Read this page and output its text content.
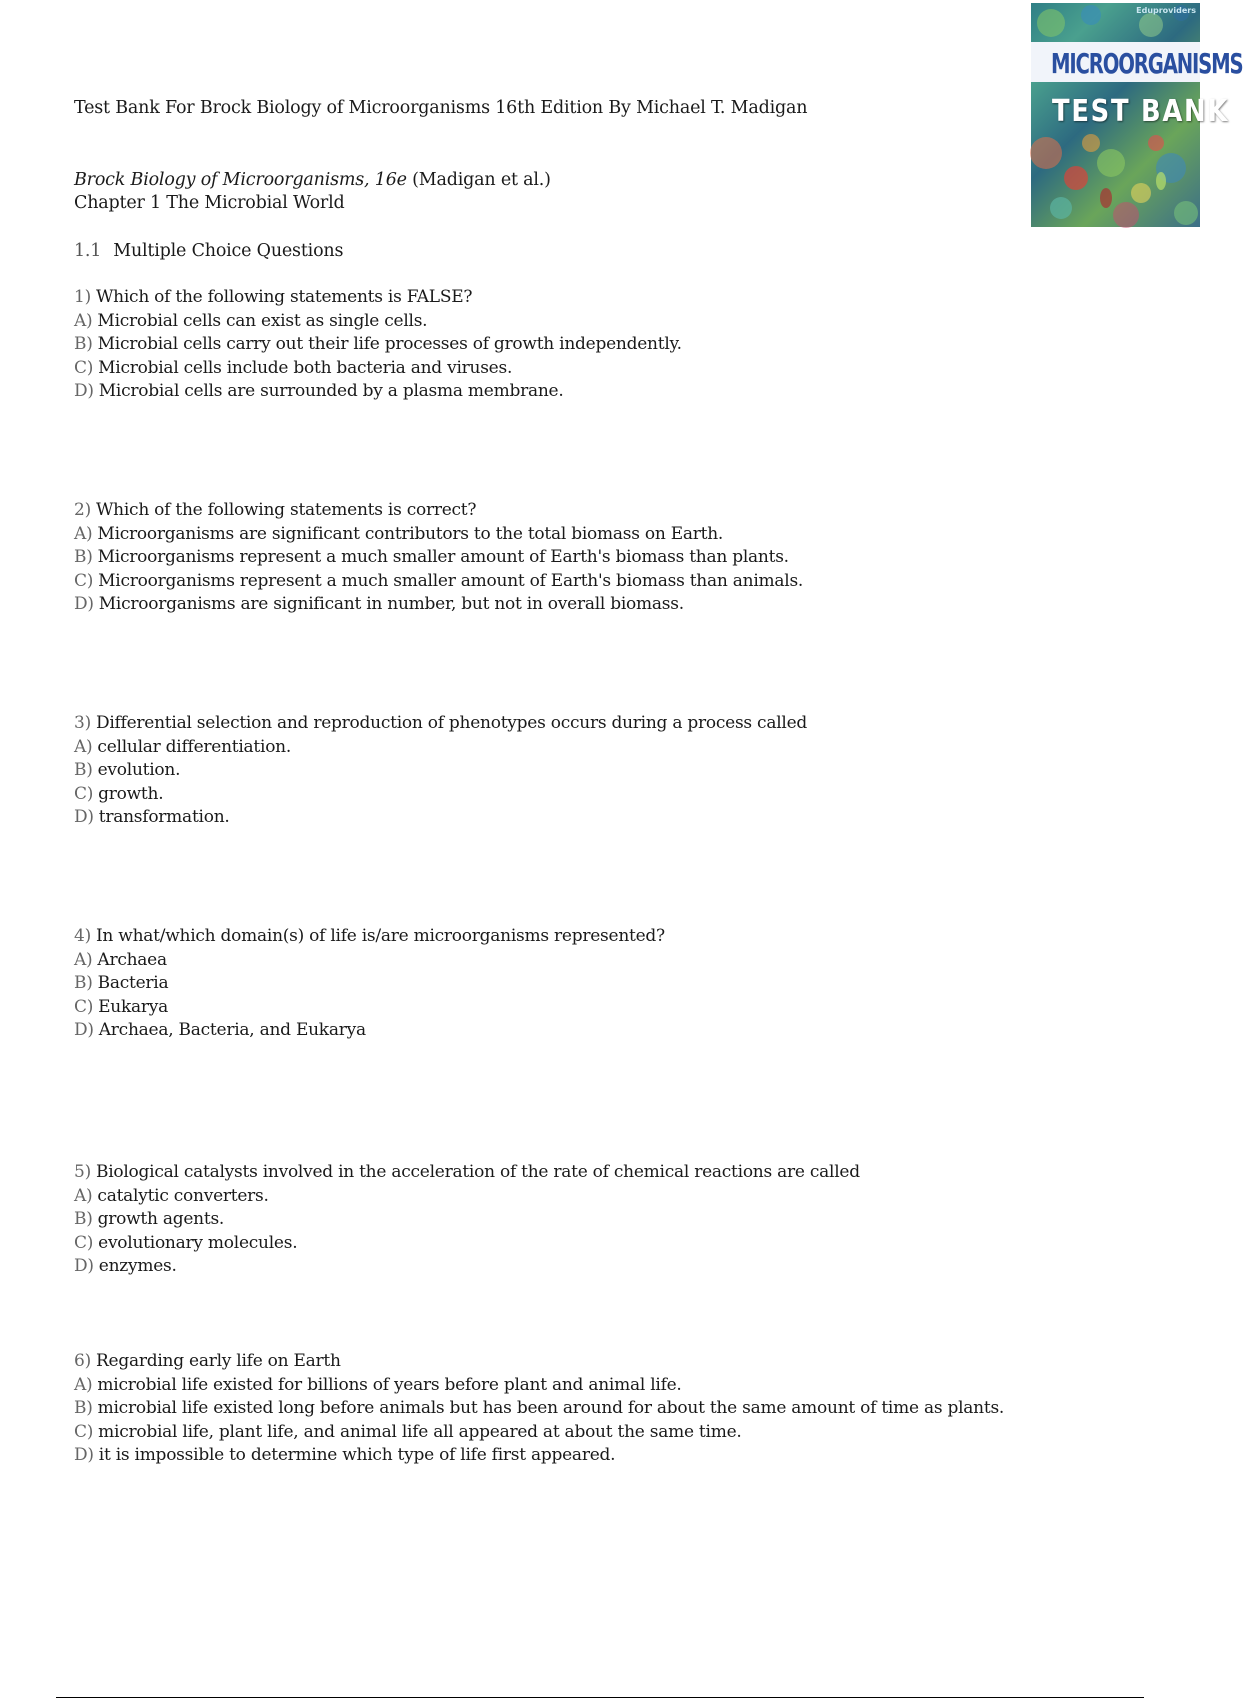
Eduproviders
MICROORGANISMS
TEST BANK
Test Bank For Brock Biology of Microorganisms 16th Edition By Michael T. Madigan
Brock Biology of Microorganisms, 16e (Madigan et al.)
Chapter 1 The Microbial World
1.1 Multiple Choice Questions
1) Which of the following statements is FALSE?
A) Microbial cells can exist as single cells.
B) Microbial cells carry out their life processes of growth independently.
C) Microbial cells include both bacteria and viruses.
D) Microbial cells are surrounded by a plasma membrane.
2) Which of the following statements is correct?
A) Microorganisms are significant contributors to the total biomass on Earth.
B) Microorganisms represent a much smaller amount of Earth's biomass than plants.
C) Microorganisms represent a much smaller amount of Earth's biomass than animals.
D) Microorganisms are significant in number, but not in overall biomass.
3) Differential selection and reproduction of phenotypes occurs during a process called
A) cellular differentiation.
B) evolution.
C) growth.
D) transformation.
4) In what/which domain(s) of life is/are microorganisms represented?
A) Archaea
B) Bacteria
C) Eukarya
D) Archaea, Bacteria, and Eukarya
5) Biological catalysts involved in the acceleration of the rate of chemical reactions are called
A) catalytic converters.
B) growth agents.
C) evolutionary molecules.
D) enzymes.
6) Regarding early life on Earth
A) microbial life existed for billions of years before plant and animal life.
B) microbial life existed long before animals but has been around for about the same amount of time as plants.
C) microbial life, plant life, and animal life all appeared at about the same time.
D) it is impossible to determine which type of life first appeared.
